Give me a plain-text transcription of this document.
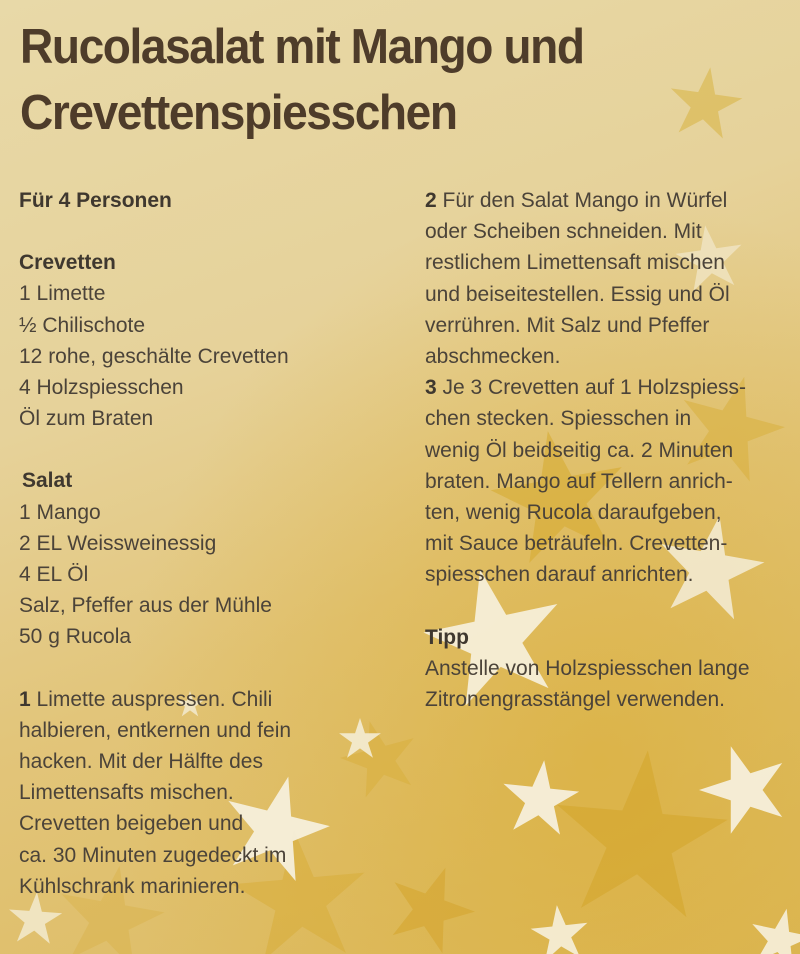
Rucolasalat mit Mango und
Crevettenspiesschen
Für 4 Personen
Crevetten
1 Limette
½ Chilischote
12 rohe, geschälte Crevetten
4 Holzspiesschen
Öl zum Braten
Salat
1 Mango
2 EL Weissweinessig
4 EL Öl
Salz, Pfeffer aus der Mühle
50 g Rucola
1 Limette auspressen. Chili
halbieren, entkernen und fein
hacken. Mit der Hälfte des
Limettensafts mischen.
Crevetten beigeben und
ca. 30 Minuten zugedeckt im
Kühlschrank marinieren.
2 Für den Salat Mango in Würfel
oder Scheiben schneiden. Mit
restlichem Limettensaft mischen
und beiseitestellen. Essig und Öl
verrühren. Mit Salz und Pfeffer
abschmecken.
3 Je 3 Crevetten auf 1 Holzspiess-
chen stecken. Spiesschen in
wenig Öl beidseitig ca. 2 Minuten
braten. Mango auf Tellern anrich-
ten, wenig Rucola daraufgeben,
mit Sauce beträufeln. Crevetten-
spiesschen darauf anrichten.
Tipp
Anstelle von Holzspiesschen lange
Zitronengrasstängel verwenden.
